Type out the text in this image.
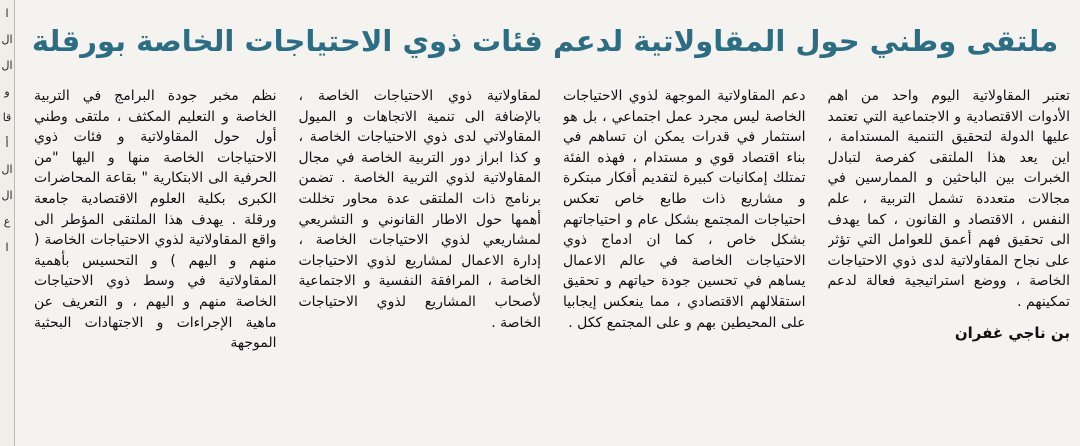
ا
ال
ال
و
قا
أ
ال
ال
ع
ا
ملتقى وطني حول المقاولاتية لدعم فئات ذوي الاحتياجات الخاصة بورقلة

نظم مخبر جودة البرامج في التربية الخاصة و التعليم المكثف ، ملتقى وطني أول حول المقاولاتية و فئات ذوي الاحتياجات الخاصة منها و اليها "من الحرفية الى الابتكارية " بقاعة المحاضرات الكبرى بكلية العلوم الاقتصادية جامعة ورقلة . يهدف هذا الملتقى المؤطر الى واقع المقاولاتية لذوي الاحتياجات الخاصة ( منهم و اليهم ) و التحسيس بأهمية المقاولاتية في وسط ذوي الاحتياجات الخاصة منهم و اليهم ، و التعريف عن ماهية الإجراءات و الاجتهادات البحثية الموجهة

لمقاولاتية ذوي الاحتياجات الخاصة ، بالإضافة الى تنمية الاتجاهات و الميول المقاولاتي لدى ذوي الاحتياجات الخاصة ، و كذا ابراز دور التربية الخاصة في مجال المقاولاتية لذوي التربية الخاصة . تضمن برنامج ذات الملتقى عدة محاور تخللت أهمها حول الاطار القانوني و التشريعي لمشاريعي لذوي الاحتياجات الخاصة ، إدارة الاعمال لمشاريع لذوي الاحتياجات الخاصة ، المرافقة النفسية و الاجتماعية لأصحاب المشاريع لذوي الاحتياجات الخاصة .

دعم المقاولاتية الموجهة لذوي الاحتياجات الخاصة ليس مجرد عمل اجتماعي ، بل هو استثمار في قدرات يمكن ان تساهم في بناء اقتصاد قوي و مستدام ، فهذه الفئة تمتلك إمكانيات كبيرة لتقديم أفكار مبتكرة و مشاريع ذات طابع خاص تعكس احتياجات المجتمع بشكل عام و احتياجاتهم بشكل خاص ، كما ان ادماج ذوي الاحتياجات الخاصة في عالم الاعمال يساهم في تحسين جودة حياتهم و تحقيق استقلالهم الاقتصادي ، مما ينعكس إيجابيا على المحيطين بهم و على المجتمع ككل .

تعتبر المقاولاتية اليوم واحد من اهم الأدوات الاقتصادية و الاجتماعية التي تعتمد عليها الدولة لتحقيق التنمية المستدامة ، اين يعد هذا الملتقى كفرصة لتبادل الخبرات بين الباحثين و الممارسين في مجالات متعددة تشمل التربية ، علم النفس ، الاقتصاد و القانون ، كما يهدف الى تحقيق فهم أعمق للعوامل التي تؤثر على نجاح المقاولاتية لدى ذوي الاحتياجات الخاصة ، ووضع استراتيجية فعالة لدعم تمكينهم .

بن ناجي غفران
